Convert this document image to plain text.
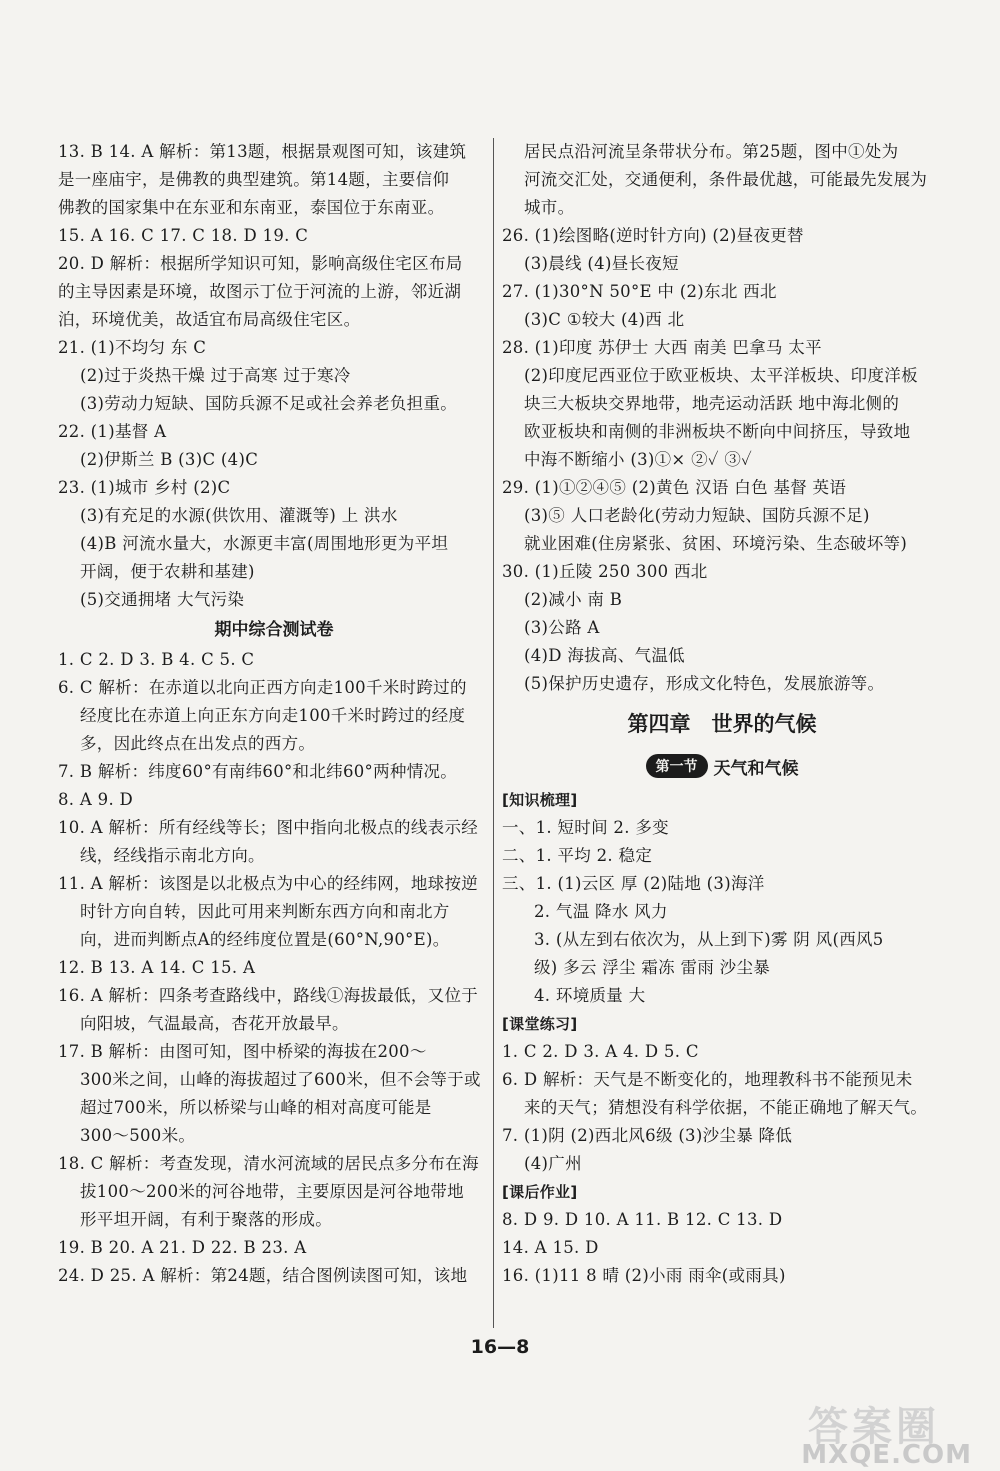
13. B 14. A 解析：第13题，根据景观图可知，该建筑
是一座庙宇，是佛教的典型建筑。第14题，主要信仰
佛教的国家集中在东亚和东南亚，泰国位于东南亚。
15. A 16. C 17. C 18. D 19. C
20. D 解析：根据所学知识可知，影响高级住宅区布局
的主导因素是环境，故图示丁位于河流的上游，邻近湖
泊，环境优美，故适宜布局高级住宅区。
21. (1)不均匀 东 C
(2)过于炎热干燥 过于高寒 过于寒冷
(3)劳动力短缺、国防兵源不足或社会养老负担重。
22. (1)基督 A
(2)伊斯兰 B (3)C (4)C
23. (1)城市 乡村 (2)C
(3)有充足的水源(供饮用、灌溉等) 上 洪水
(4)B 河流水量大，水源更丰富(周围地形更为平坦
开阔，便于农耕和基建)
(5)交通拥堵 大气污染
期中综合测试卷
1. C 2. D 3. B 4. C 5. C
6. C 解析：在赤道以北向正西方向走100千米时跨过的
经度比在赤道上向正东方向走100千米时跨过的经度
多，因此终点在出发点的西方。
7. B 解析：纬度60°有南纬60°和北纬60°两种情况。
8. A 9. D
10. A 解析：所有经线等长；图中指向北极点的线表示经
线，经线指示南北方向。
11. A 解析：该图是以北极点为中心的经纬网，地球按逆
时针方向自转，因此可用来判断东西方向和南北方
向，进而判断点A的经纬度位置是(60°N,90°E)。
12. B 13. A 14. C 15. A
16. A 解析：四条考查路线中，路线①海拔最低，又位于
向阳坡，气温最高，杏花开放最早。
17. B 解析：由图可知，图中桥梁的海拔在200～
300米之间，山峰的海拔超过了600米，但不会等于或
超过700米，所以桥梁与山峰的相对高度可能是
300～500米。
18. C 解析：考查发现，清水河流域的居民点多分布在海
拔100～200米的河谷地带，主要原因是河谷地带地
形平坦开阔，有利于聚落的形成。
19. B 20. A 21. D 22. B 23. A
24. D 25. A 解析：第24题，结合图例读图可知，该地
居民点沿河流呈条带状分布。第25题，图中①处为
河流交汇处，交通便利，条件最优越，可能最先发展为
城市。
26. (1)绘图略(逆时针方向) (2)昼夜更替
(3)晨线 (4)昼长夜短
27. (1)30°N 50°E 中 (2)东北 西北
(3)C ①较大 (4)西 北
28. (1)印度 苏伊士 大西 南美 巴拿马 太平
(2)印度尼西亚位于欧亚板块、太平洋板块、印度洋板
块三大板块交界地带，地壳运动活跃 地中海北侧的
欧亚板块和南侧的非洲板块不断向中间挤压，导致地
中海不断缩小 (3)①× ②✓ ③✓
29. (1)①②④⑤ (2)黄色 汉语 白色 基督 英语
(3)⑤ 人口老龄化(劳动力短缺、国防兵源不足)
就业困难(住房紧张、贫困、环境污染、生态破坏等)
30. (1)丘陵 250 300 西北
(2)减小 南 B
(3)公路 A
(4)D 海拔高、气温低
(5)保护历史遗存，形成文化特色，发展旅游等。
第四章　世界的气候
第一节 天气和气候
[知识梳理]
一、1. 短时间 2. 多变
二、1. 平均 2. 稳定
三、1. (1)云区 厚 (2)陆地 (3)海洋
2. 气温 降水 风力
3. (从左到右依次为，从上到下)雾 阴 风(西风5
级) 多云 浮尘 霜冻 雷雨 沙尘暴
4. 环境质量 大
[课堂练习]
1. C 2. D 3. A 4. D 5. C
6. D 解析：天气是不断变化的，地理教科书不能预见未
来的天气；猜想没有科学依据，不能正确地了解天气。
7. (1)阴 (2)西北风6级 (3)沙尘暴 降低
(4)广州
[课后作业]
8. D 9. D 10. A 11. B 12. C 13. D
14. A 15. D
16. (1)11 8 晴 (2)小雨 雨伞(或雨具)
16—8
答案圈
MXQE.COM
